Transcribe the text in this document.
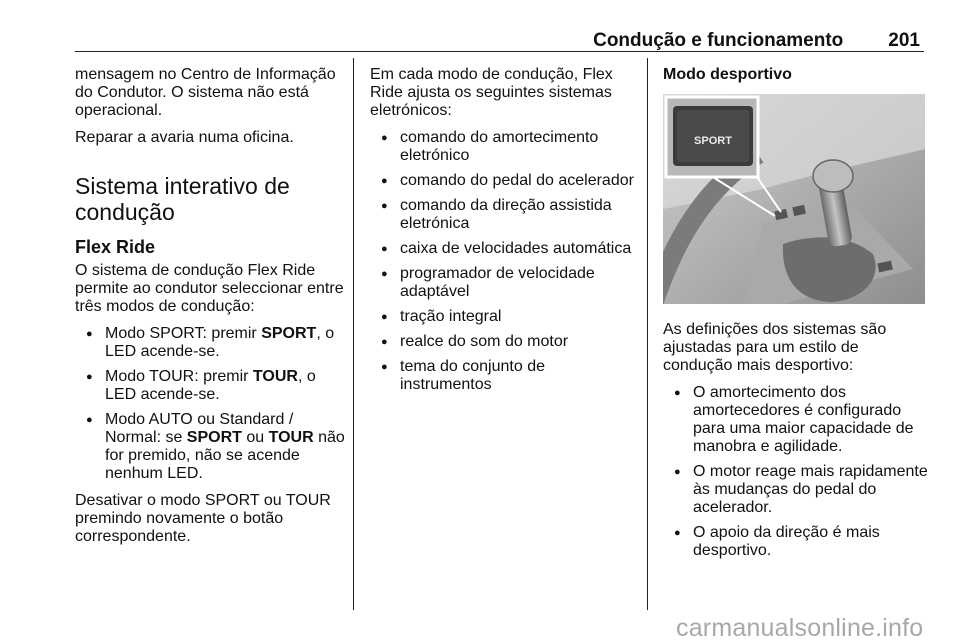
Condução e funcionamento 201

mensagem no Centro de Informação do Condutor. O sistema não está operacional.

Reparar a avaria numa oficina.

Sistema interativo de condução
Flex Ride

O sistema de condução Flex Ride permite ao condutor seleccionar entre três modos de condução:

● Modo SPORT: premir SPORT, o LED acende-se.
● Modo TOUR: premir TOUR, o LED acende-se.
● Modo AUTO ou Standard / Normal: se SPORT ou TOUR não for premido, não se acende nenhum LED.

Desativar o modo SPORT ou TOUR premindo novamente o botão correspondente.

Em cada modo de condução, Flex Ride ajusta os seguintes sistemas eletrónicos:

● comando do amortecimento eletrónico
● comando do pedal do acelerador
● comando da direção assistida eletrónica
● caixa de velocidades automática
● programador de velocidade adaptável
● tração integral
● realce do som do motor
● tema do conjunto de instrumentos
Modo desportivo
SPORT

As definições dos sistemas são ajustadas para um estilo de condução mais desportivo:

● O amortecimento dos amortecedores é configurado para uma maior capacidade de manobra e agilidade.
● O motor reage mais rapidamente às mudanças do pedal do acelerador.
● O apoio da direção é mais desportivo.
carmanualsonline.info
